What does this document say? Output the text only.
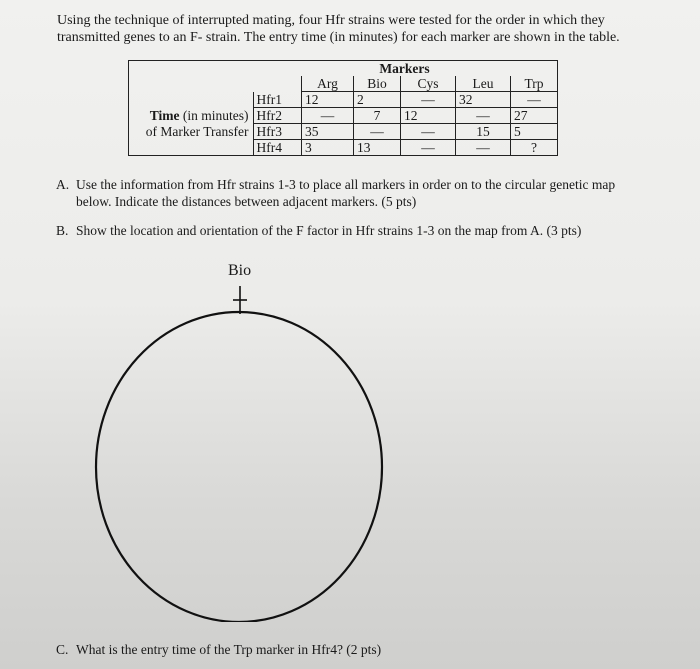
Using the technique of interrupted mating, four Hfr strains were tested for the order in which they
transmitted genes to an F- strain. The entry time (in minutes) for each marker are shown in the table.

			Markers			
		Arg	Bio	Cys	Leu	Trp
	Hfr1	12	2	—	32	—
Time (in minutes)	Hfr2	—	7	12	—	27
of Marker Transfer	Hfr3	35	—	—	15	5
	Hfr4	3	13	—	—	?

A. Use the information from Hfr strains 1-3 to place all markers in order on to the circular genetic map
below. Indicate the distances between adjacent markers. (5 pts)

B. Show the location and orientation of the F factor in Hfr strains 1-3 on the map from A. (3 pts)

Bio

C. What is the entry time of the Trp marker in Hfr4? (2 pts)
